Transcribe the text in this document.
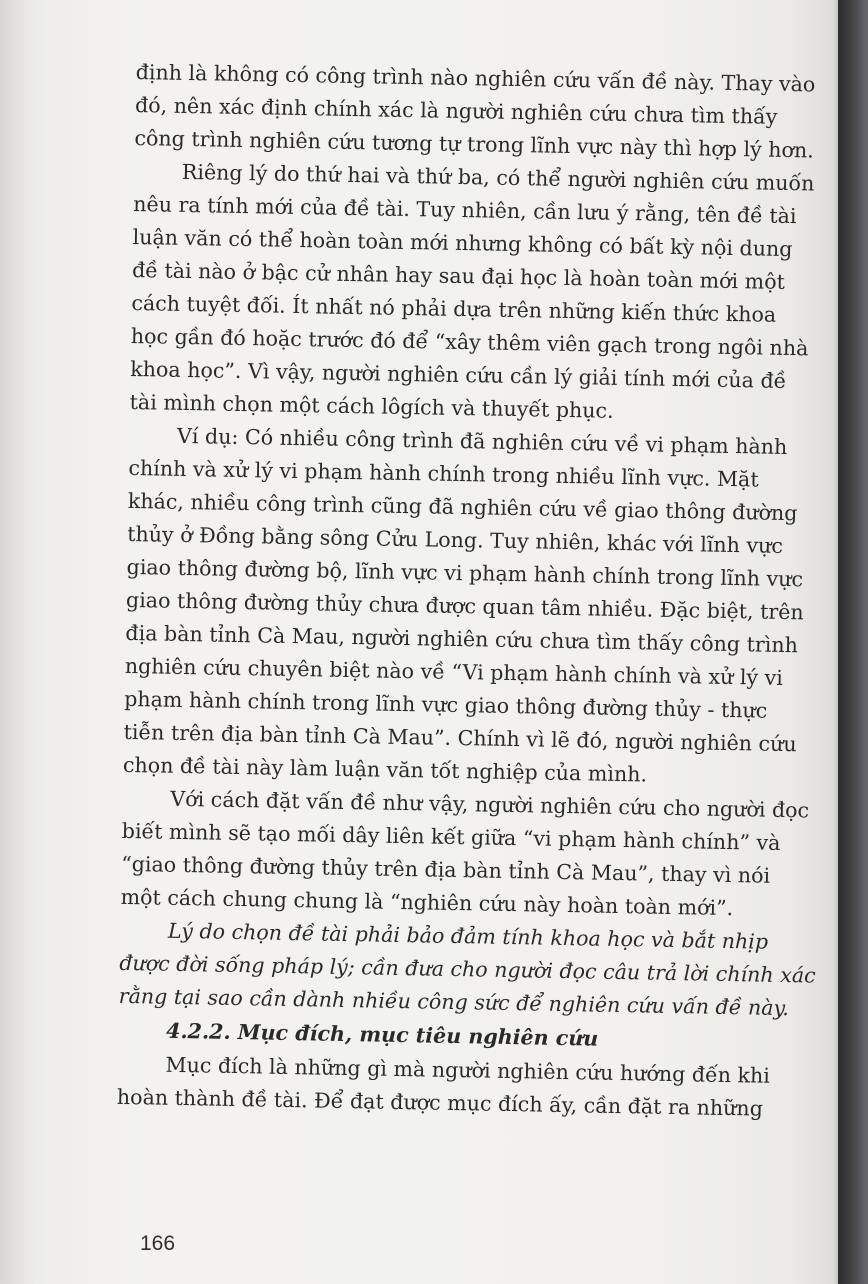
định là không có công trình nào nghiên cứu vấn đề này. Thay vào
đó, nên xác định chính xác là người nghiên cứu chưa tìm thấy
công trình nghiên cứu tương tự trong lĩnh vực này thì hợp lý hơn.
Riêng lý do thứ hai và thứ ba, có thể người nghiên cứu muốn
nêu ra tính mới của đề tài. Tuy nhiên, cần lưu ý rằng, tên đề tài
luận văn có thể hoàn toàn mới nhưng không có bất kỳ nội dung
đề tài nào ở bậc cử nhân hay sau đại học là hoàn toàn mới một
cách tuyệt đối. Ít nhất nó phải dựa trên những kiến thức khoa
học gần đó hoặc trước đó để “xây thêm viên gạch trong ngôi nhà
khoa học”. Vì vậy, người nghiên cứu cần lý giải tính mới của đề
tài mình chọn một cách lôgích và thuyết phục.
Ví dụ: Có nhiều công trình đã nghiên cứu về vi phạm hành
chính và xử lý vi phạm hành chính trong nhiều lĩnh vực. Mặt
khác, nhiều công trình cũng đã nghiên cứu về giao thông đường
thủy ở Đồng bằng sông Cửu Long. Tuy nhiên, khác với lĩnh vực
giao thông đường bộ, lĩnh vực vi phạm hành chính trong lĩnh vực
giao thông đường thủy chưa được quan tâm nhiều. Đặc biệt, trên
địa bàn tỉnh Cà Mau, người nghiên cứu chưa tìm thấy công trình
nghiên cứu chuyên biệt nào về “Vi phạm hành chính và xử lý vi
phạm hành chính trong lĩnh vực giao thông đường thủy - thực
tiễn trên địa bàn tỉnh Cà Mau”. Chính vì lẽ đó, người nghiên cứu
chọn đề tài này làm luận văn tốt nghiệp của mình.
Với cách đặt vấn đề như vậy, người nghiên cứu cho người đọc
biết mình sẽ tạo mối dây liên kết giữa “vi phạm hành chính” và
“giao thông đường thủy trên địa bàn tỉnh Cà Mau”, thay vì nói
một cách chung chung là “nghiên cứu này hoàn toàn mới”.
Lý do chọn đề tài phải bảo đảm tính khoa học và bắt nhịp
được đời sống pháp lý; cần đưa cho người đọc câu trả lời chính xác
rằng tại sao cần dành nhiều công sức để nghiên cứu vấn đề này.
4.2.2. Mục đích, mục tiêu nghiên cứu
Mục đích là những gì mà người nghiên cứu hướng đến khi
hoàn thành đề tài. Để đạt được mục đích ấy, cần đặt ra những
166
